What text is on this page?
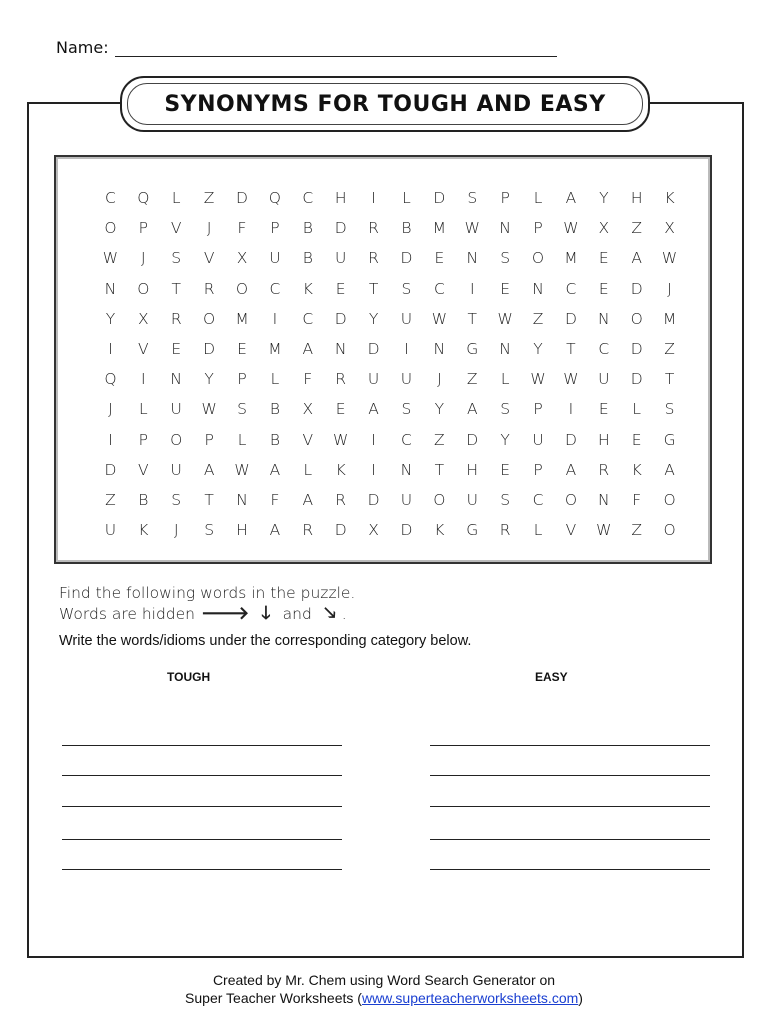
Name:
SYNONYMS FOR TOUGH AND EASY
C	Q	L	Z	D	Q	C	H	I	L	D	S	P	L	A	Y	H	K
O	P	V	J	F	P	B	D	R	B	M	W	N	P	W	X	Z	X
W	J	S	V	X	U	B	U	R	D	E	N	S	O	M	E	A	W
N	O	T	R	O	C	K	E	T	S	C	I	E	N	C	E	D	J
Y	X	R	O	M	I	C	D	Y	U	W	T	W	Z	D	N	O	M
I	V	E	D	E	M	A	N	D	I	N	G	N	Y	T	C	D	Z
Q	I	N	Y	P	L	F	R	U	U	J	Z	L	W	W	U	D	T
J	L	U	W	S	B	X	E	A	S	Y	A	S	P	I	E	L	S
I	P	O	P	L	B	V	W	I	C	Z	D	Y	U	D	H	E	G
D	V	U	A	W	A	L	K	I	N	T	H	E	P	A	R	K	A
Z	B	S	T	N	F	A	R	D	U	O	U	S	C	O	N	F	O
U	K	J	S	H	A	R	D	X	D	K	G	R	L	V	W	Z	O
Find the following words in the puzzle.
Words are hidden 🡒 🡓 and 🡖 .
Write the words/idioms under the corresponding category below.
TOUGH	EASY
Created by Mr. Chem using Word Search Generator on
Super Teacher Worksheets (www.superteacherworksheets.com)
